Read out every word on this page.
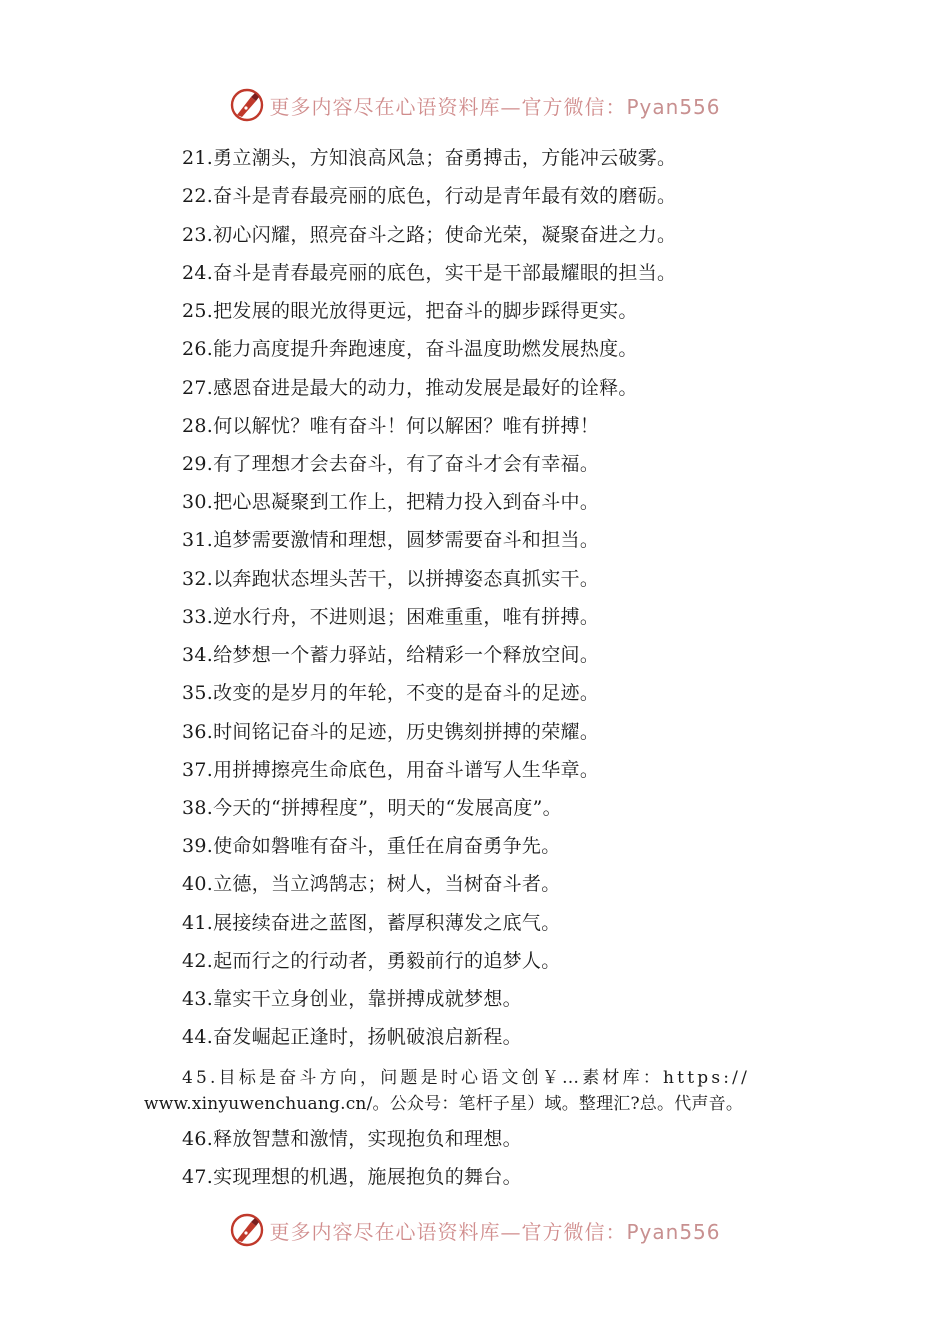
更多内容尽在心语资料库—官方微信：Pyan556
21.勇立潮头，方知浪高风急；奋勇搏击，方能冲云破雾。
22.奋斗是青春最亮丽的底色，行动是青年最有效的磨砺。
23.初心闪耀，照亮奋斗之路；使命光荣，凝聚奋进之力。
24.奋斗是青春最亮丽的底色，实干是干部最耀眼的担当。
25.把发展的眼光放得更远，把奋斗的脚步踩得更实。
26.能力高度提升奔跑速度，奋斗温度助燃发展热度。
27.感恩奋进是最大的动力，推动发展是最好的诠释。
28.何以解忧？唯有奋斗！何以解困？唯有拼搏！
29.有了理想才会去奋斗，有了奋斗才会有幸福。
30.把心思凝聚到工作上，把精力投入到奋斗中。
31.追梦需要激情和理想，圆梦需要奋斗和担当。
32.以奔跑状态埋头苦干，以拼搏姿态真抓实干。
33.逆水行舟，不进则退；困难重重，唯有拼搏。
34.给梦想一个蓄力驿站，给精彩一个释放空间。
35.改变的是岁月的年轮，不变的是奋斗的足迹。
36.时间铭记奋斗的足迹，历史镌刻拼搏的荣耀。
37.用拼搏擦亮生命底色，用奋斗谱写人生华章。
38.今天的“拼搏程度”，明天的“发展高度”。
39.使命如磐唯有奋斗，重任在肩奋勇争先。
40.立德，当立鸿鹄志；树人，当树奋斗者。
41.展接续奋进之蓝图，蓄厚积薄发之底气。
42.起而行之的行动者，勇毅前行的追梦人。
43.靠实干立身创业，靠拼搏成就梦想。
44.奋发崛起正逢时，扬帆破浪启新程。
45.目标是奋斗方向，问题是时心语文创￥…素材库：https://
www.xinyuwenchuang.cn/。公众号：笔杆子星）域。整理汇?总。代声音。
46.释放智慧和激情，实现抱负和理想。
47.实现理想的机遇，施展抱负的舞台。
更多内容尽在心语资料库—官方微信：Pyan556
